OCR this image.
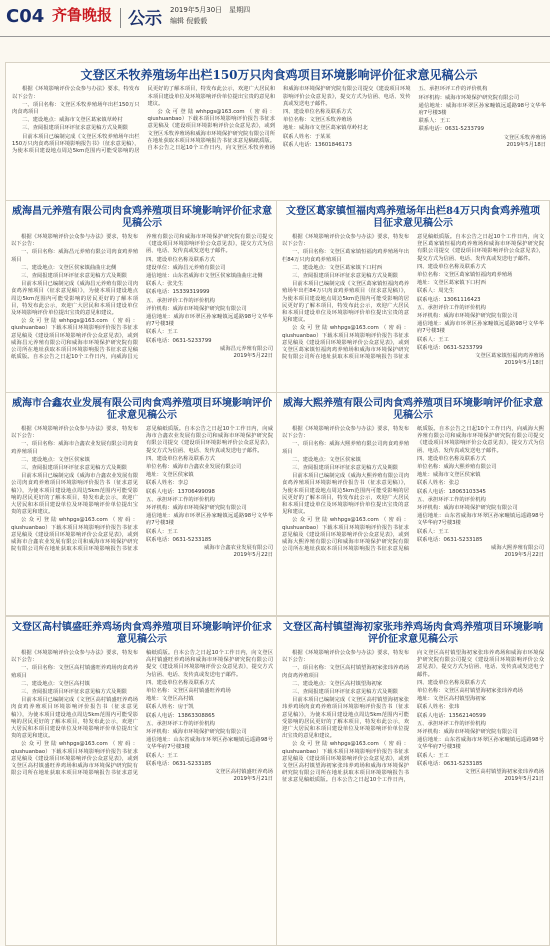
C04 齐鲁晚报 公示 2019年5月30日　星期四
编辑 倪毅毅
文登区禾牧养殖场年出栏150万只肉食鸡项目环境影响评价征求意见稿公示

根据《环境影响评价公众参与办法》要求，特发布以下公告：

一、项目名称：文登区禾牧养殖场年出栏150万只肉食鸡项目

二、建设地点：威海市文登区葛家镇草岭村

三、查阅报建项目环评征求意见稿方式及期限

目前本项目已编制完成《文登区禾牧养殖场年出栏150万只肉食鸡项目环境影响报告书》（征求意见稿），为使本项目建设地点周边5km范围内可能受影响的居民更好的了解本项目，特发布此公示，欢迎广大居民和本项目建设单位及环境影响评价单位提出宝贵的意见和建议。

公众可登陆whhpgs@163.com（密码：qiushuanbao）下载本项目环境影响评价报告书征求意见稿及《建设项目环境影响评价公众意见表》，或到文登区禾牧养殖场和威海市环境保护研究院有限公司所在地址获取本项目环境影响报告书征求意见稿纸质版。自本公告之日起10个工作日内，向文登区禾牧养殖场和威海市环境保护研究院有限公司提交《建设项目环境影响评价公众意见表》，提交方式为信函、电话、发传真或发送电子邮件。

四、建设单位名称及联系方式

单位名称：文登区禾牧养殖场

地址：威海市文登区葛家镇草岭村北

联系人姓名：于某某

联系人电话：13601846173

五、承担环评工作的评价机构

环评机构：威海市环境保护研究院有限公司

通信地址：威海市环翠区孙家疃镇远遥路98号文华华府7号楼3楼

联系人：王工

联系电话：0631-5233799

文登区禾牧养殖场
2019年5月18日
威海昌元养殖有限公司肉食鸡养殖项目环境影响评价征求意见稿公示

根据《环境影响评价公众参与办法》要求，特发布以下公告：

一、项目名称：威海昌元养殖有限公司肉食鸡养殖项目

二、建设地点：文登区侯家镇曲曲庄北侧

三、查阅报建项目环评征求意见稿方式及期限

目前本项目已编制完成《威海昌元养殖有限公司肉食鸡养殖项目（征求意见稿）》，为使本项目建设地点周边5km范围内可能受影响的居民更好的了解本项目，特发布此公示，欢迎广大居民和本项目建设单位及环境影响评价单位提出宝贵的意见和建议。

公众可登陆whhpgs@163.com（密码：qiushuanbao）下载本项目环境影响评价报告书征求意见稿及《建设项目环境影响评价公众意见表》，或到威海昌元养殖有限公司和威海市环境保护研究院有限公司所在地址获取本项目环境影响报告书征求意见稿纸质版。自本公告之日起10个工作日内，向威海昌元养殖有限公司和威海市环境保护研究院有限公司提交《建设项目环境影响评价公众意见表》，提交方式为信函、电话、发传真或发送电子邮件。

四、建设单位名称及联系方式

建设单位：威海昌元养殖有限公司

通信地址：山东省威海市文登区侯家镇曲曲庄北侧

联系人：张先生

联系电话：15339319999

五、承担评价工作的评价机构

评价机构：威海市环境保护研究院有限公司

通信地址：威海市环翠区孙家疃镇远遥路98号文华华府7号楼3楼

联系人：王工

联系电话：0631-5233799

威海昌元养殖有限公司
2019年5月22日
文登区葛家镇恒福肉鸡养殖场年出栏84万只肉食鸡养殖项目征求意见稿公示

根据《环境影响评价公众参与办法》要求，特发布以下公告：

一、项目名称：文登区葛家镇恒福肉鸡养殖场年出栏84万只肉食鸡养殖项目

二、建设地点：文登区葛家镇下口村西

三、查阅报建项目环评征求意见稿方式及期限

目前本项目已编制完成《文登区葛家镇恒福肉鸡养殖场年出栏84万只肉食鸡养殖项目（征求意见稿）》，为使本项目建设地点周边5km范围内可能受影响的居民更好的了解本项目，特发布此公示，欢迎广大居民和本项目建设单位及环境影响评价单位提出宝贵的意见和建议。

公众可登陆whhpgs@163.com（密码：qiushuanbao）下载本项目环境影响评价报告书征求意见稿及《建设项目环境影响评价公众意见表》，或到文登区葛家镇恒福肉鸡养殖场和威海市环境保护研究院有限公司所在地址获取本项目环境影响报告书征求意见稿纸质版。自本公告之日起10个工作日内，向文登区葛家镇恒福肉鸡养殖场和威海市环境保护研究院有限公司提交《建设项目环境影响评价公众意见表》，提交方式为信函、电话、发传真或发送电子邮件。

四、建设单位名称及联系方式

单位名称：文登区葛家镇恒福肉鸡养殖场

地址：文登区葛家镇下口村西

联系人：周先生

联系电话：13061116423

五、承担评价工作的评价机构

环评机构：威海市环境保护研究院有限公司

通信地址：威海市环翠区孙家疃镇远遥路98号文华华府7号楼3楼

联系人：王工

联系电话：0631-5233799

文登区葛家镇恒福肉鸡养殖场
2019年5月18日
威海市合鑫农业发展有限公司肉食鸡养殖项目环境影响评价征求意见稿公示

根据《环境影响评价公众参与办法》要求，特发布以下公告：

一、项目名称：威海市合鑫农业发展有限公司肉食鸡养殖项目

二、建设地点：文登区侯家镇

三、查阅报建项目环评征求意见稿方式及期限

目前本项目已编制完成《威海市合鑫农业发展有限公司肉食鸡养殖项目环境影响评价报告书（征求意见稿）》，为使本项目建设地点周边5km范围内可能受影响的居民更好的了解本项目，特发布此公示，欢迎广大居民和本项目建设单位及环境影响评价单位提出宝贵的意见和建议。

公众可登陆whhpgs@163.com（密码：qiushuanbao）下载本项目环境影响评价报告书征求意见稿及《建设项目环境影响评价公众意见表》，或到威海市合鑫农业发展有限公司和威海市环境保护研究院有限公司所在地址获取本项目环境影响报告书征求意见稿纸质版。自本公告之日起10个工作日内，向威海市合鑫农业发展有限公司和威海市环境保护研究院有限公司提交《建设项目环境影响评价公众意见表》，提交方式为信函、电话、发传真或发送电子邮件。

四、建设单位名称及联系方式

单位名称：威海市合鑫农业发展有限公司

地址：文登区侯家镇

联系人姓名：李总

联系人电话：13706499098

五、承担环评工作的评价机构

环评机构：威海市环境保护研究院有限公司

通信地址：威海市环翠区孙家疃镇远遥路98号文华华府7号楼3楼

联系人：王工

联系电话：0631-5233185

威海市合鑫农业发展有限公司
2019年5月22日
威海大熙养殖有限公司肉食鸡养殖项目环境影响评价征求意见稿公示

根据《环境影响评价公众参与办法》要求，特发布以下公告：

一、项目名称：威海大熙养殖有限公司肉食鸡养殖项目

二、建设地点：文登区侯家镇

三、查阅报建项目环评征求意见稿方式及期限

目前本项目已编制完成《威海大熙养殖有限公司肉食鸡养殖项目环境影响评价报告书（征求意见稿）》，为使本项目建设地点周边5km范围内可能受影响的居民更好的了解本项目，特发布此公示，欢迎广大居民和本项目建设单位及环境影响评价单位提出宝贵的意见和建议。

公众可登陆whhpgs@163.com（密码：qiushuanbao）下载本项目环境影响评价报告书征求意见稿及《建设项目环境影响评价公众意见表》，或到威海大熙养殖有限公司和威海市环境保护研究院有限公司所在地址获取本项目环境影响报告书征求意见稿纸质版。自本公告之日起10个工作日内，向威海大熙养殖有限公司和威海市环境保护研究院有限公司提交《建设项目环境影响评价公众意见表》，提交方式为信函、电话、发传真或发送电子邮件。

四、建设单位名称及联系方式

单位名称：威海大熙养殖有限公司

地址：威海市文登区侯家镇

联系人姓名：张总

联系人电话：18063103345

五、承担环评工作的评价机构

环评机构：威海市环境保护研究院有限公司

通信地址：山东省威海市环翠区孙家疃镇远遥路98号文华华府7号楼3楼

联系人：王工

联系电话：0631-5233185

威海大熙养殖有限公司
2019年5月22日
文登区高村镇盛旺养鸡场肉食鸡养殖项目环境影响评价征求意见稿公示

根据《环境影响评价公众参与办法》要求，特发布以下公告：

一、项目名称：文登区高村镇盛旺养鸡场肉食鸡养殖项目

二、建设地点：文登区高村镇

三、查阅报建项目环评征求意见稿方式及期限

目前本项目已编制完成《文登区高村镇盛旺养鸡场肉食鸡养殖项目环境影响评价报告书（征求意见稿）》，为使本项目建设地点周边5km范围内可能受影响的居民更好的了解本项目，特发布此公示，欢迎广大居民和本项目建设单位及环境影响评价单位提出宝贵的意见和建议。

公众可登陆whhpgs@163.com（密码：qiushuanbao）下载本项目环境影响评价报告书征求意见稿及《建设项目环境影响评价公众意见表》，或到文登区高村镇盛旺养鸡场和威海市环境保护研究院有限公司所在地址获取本项目环境影响报告书征求意见稿纸质版。自本公告之日起10个工作日内，向文登区高村镇盛旺养鸡场和威海市环境保护研究院有限公司提交《建设项目环境影响评价公众意见表》，提交方式为信函、电话、发传真或发送电子邮件。

四、建设单位名称及联系方式

单位名称：文登区高村镇盛旺养鸡场

地址：文登区高村镇

联系人姓名：房于凯

联系人电话：13863308865

五、承担环评工作的评价机构

环评机构：威海市环境保护研究院有限公司

通信地址：山东省威海市环翠区孙家疃镇远遥路98号文华华府7号楼3楼

联系人：王工

联系电话：0631-5233185

文登区高村镇盛旺养鸡场
2019年5月21日
文登区高村镇望海初家张玮养鸡场肉食鸡养殖项目环境影响评价征求意见稿公示

根据《环境影响评价公众参与办法》要求，特发布以下公告：

一、项目名称：文登区高村镇望海初家张玮养鸡场肉食鸡养殖项目

二、建设地点：文登区高村镇望海初家

三、查阅报建项目环评征求意见稿方式及期限

目前本项目已编制完成《文登区高村镇望海初家张玮养鸡场肉食鸡养殖项目环境影响评价报告书（征求意见稿）》，为使本项目建设地点周边5km范围内可能受影响的居民更好的了解本项目，特发布此公示，欢迎广大居民和本项目建设单位及环境影响评价单位提出宝贵的意见和建议。

公众可登陆whhpgs@163.com（密码：qiushuanbao）下载本项目环境影响评价报告书征求意见稿及《建设项目环境影响评价公众意见表》，或到文登区高村镇望海初家张玮养鸡场和威海市环境保护研究院有限公司所在地址获取本项目环境影响报告书征求意见稿纸质版。自本公告之日起10个工作日内，向文登区高村镇望海初家张玮养鸡场和威海市环境保护研究院有限公司提交《建设项目环境影响评价公众意见表》，提交方式为信函、电话、发传真或发送电子邮件。

四、建设单位名称及联系方式

单位名称：文登区高村镇望海初家张玮养鸡场

地址：文登区高村镇望海初家

联系人姓名：张玮

联系人电话：13562140599

五、承担环评工作的评价机构

环评机构：威海市环境保护研究院有限公司

通信地址：山东省威海市环翠区孙家疃镇远遥路98号文华华府7号楼3楼

联系人：王工

联系电话：0631-5233185

文登区高村镇望海初家张玮养鸡场
2019年5月21日
